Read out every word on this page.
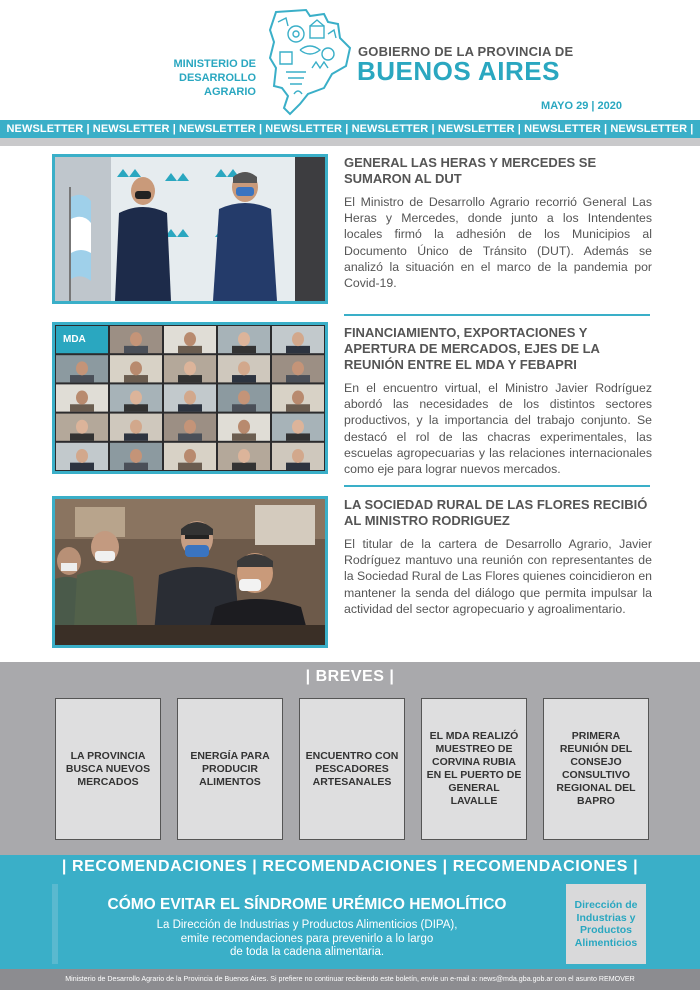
MINISTERIO DE
DESARROLLO AGRARIO
GOBIERNO DE LA PROVINCIA DE
BUENOS AIRES
MAYO 29 | 2020
NEWSLETTER | NEWSLETTER | NEWSLETTER | NEWSLETTER | NEWSLETTER | NEWSLETTER | NEWSLETTER | NEWSLETTER |
GENERAL LAS HERAS Y MERCEDES SE SUMARON AL DUT
El Ministro de Desarrollo Agrario recorrió General Las Heras y Mercedes, donde junto a los Intendentes locales firmó la adhesión de los Municipios al Documento Único de Tránsito (DUT). Además se analizó la situación en el marco de la pandemia por Covid-19.
MDA	FINANCIAMIENTO, EXPORTACIONES Y APERTURA DE MERCADOS, EJES DE LA REUNIÓN ENTRE EL MDA Y FEBAPRI
En el encuentro virtual, el Ministro Javier Rodríguez abordó las necesidades de los distintos sectores productivos, y la importancia del trabajo conjunto. Se destacó el rol de las chacras experimentales, las escuelas agropecuarias y las relaciones internacionales como eje para lograr nuevos mercados.
LA SOCIEDAD RURAL DE LAS FLORES RECIBIÓ AL MINISTRO RODRIGUEZ
El titular de la cartera de Desarrollo Agrario, Javier Rodríguez mantuvo una reunión con representantes de la Sociedad Rural de Las Flores quienes coincidieron en mantener la senda del diálogo que permita impulsar la actividad del sector agropecuario y agroalimentario.
| BREVES |
LA PROVINCIA BUSCA NUEVOS MERCADOS
ENERGÍA PARA PRODUCIR ALIMENTOS
ENCUENTRO CON PESCADORES ARTESANALES
EL MDA REALIZÓ MUESTREO DE CORVINA RUBIA EN EL PUERTO DE GENERAL LAVALLE
PRIMERA REUNIÓN DEL CONSEJO CONSULTIVO REGIONAL DEL BAPRO
| RECOMENDACIONES | RECOMENDACIONES | RECOMENDACIONES |
CÓMO EVITAR EL SÍNDROME URÉMICO HEMOLÍTICO
La Dirección de Industrias y Productos Alimenticios (DIPA),
emite recomendaciones para prevenirlo a lo largo
de toda la cadena alimentaria.
Dirección de Industrias y Productos Alimenticios
Ministerio de Desarrollo Agrario de la Provincia de Buenos Aires. Si prefiere no continuar recibiendo este boletín, envíe un e-mail a: news@mda.gba.gob.ar con el asunto REMOVER
